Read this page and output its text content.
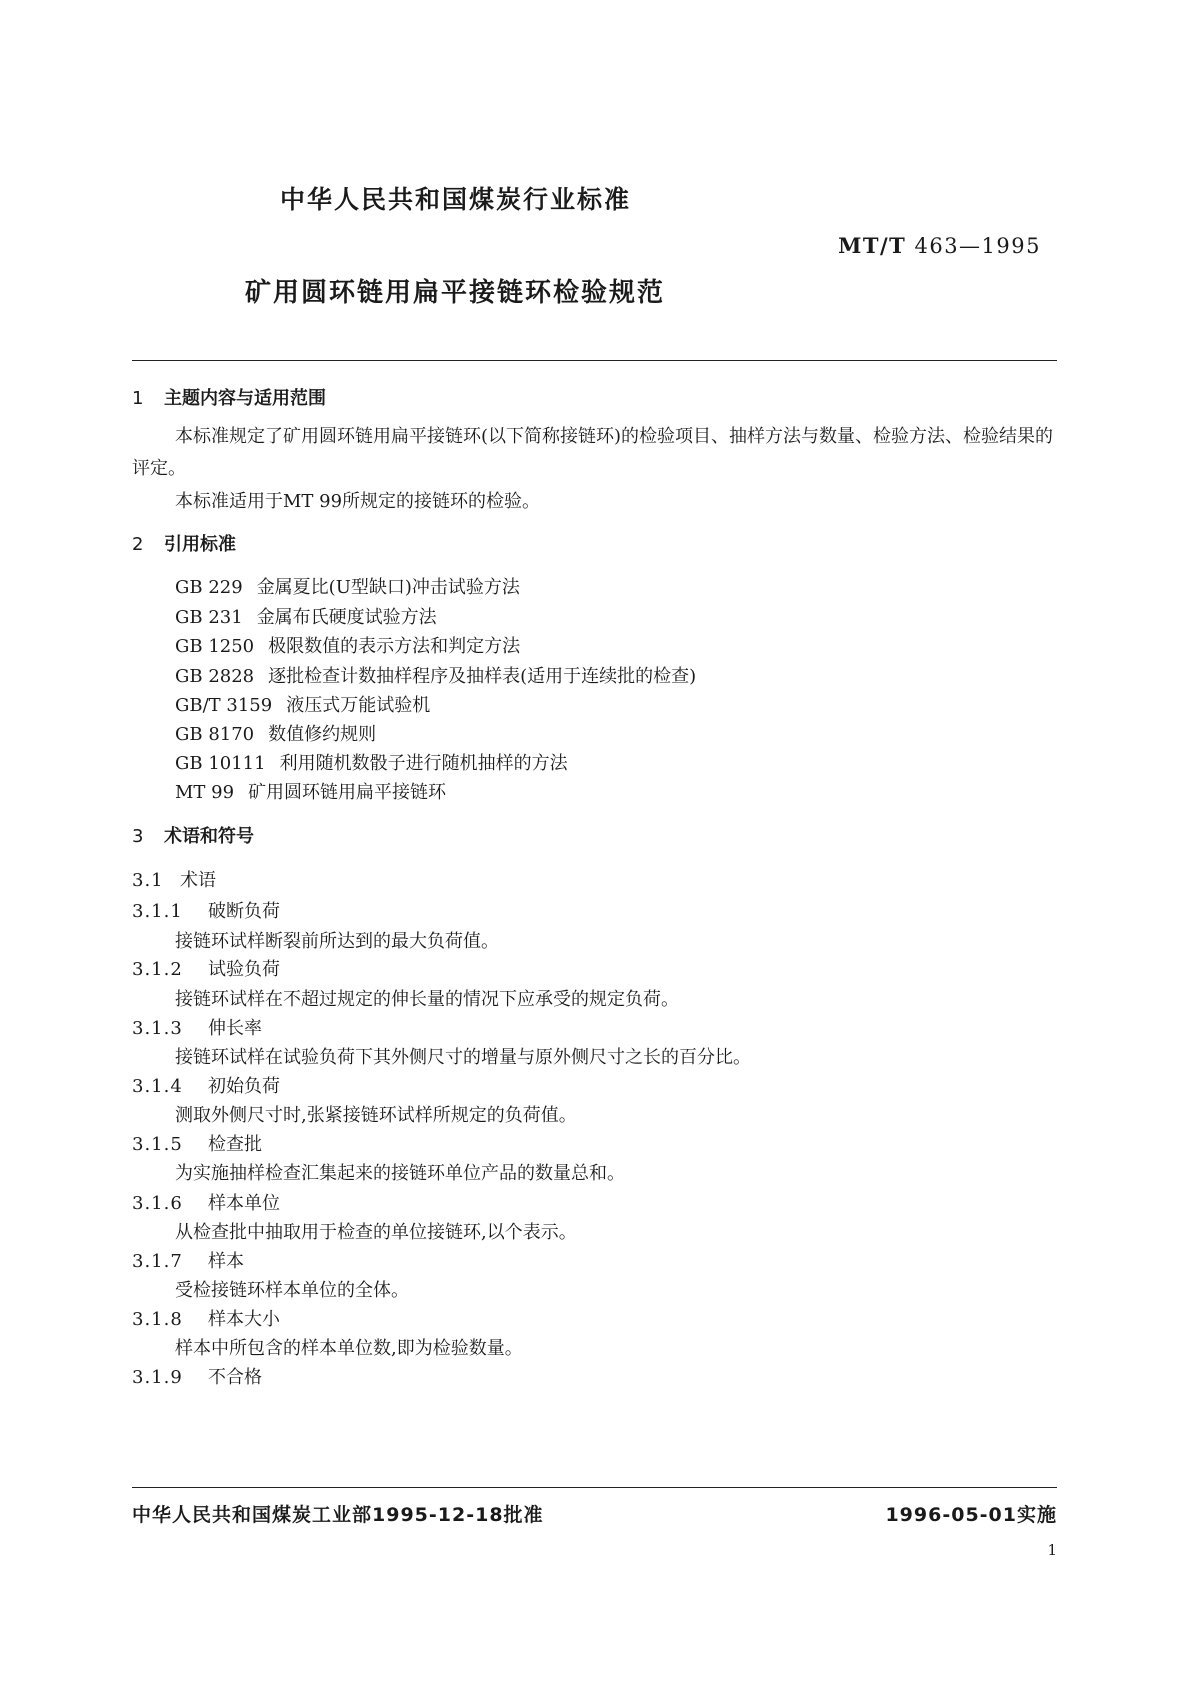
中华人民共和国煤炭行业标准
MT/T 463—1995
矿用圆环链用扁平接链环检验规范
1 主题内容与适用范围
本标准规定了矿用圆环链用扁平接链环(以下简称接链环)的检验项目、抽样方法与数量、检验方法、检验结果的评定。
本标准适用于MT 99所规定的接链环的检验。
2 引用标准
GB 229 金属夏比(U型缺口)冲击试验方法
GB 231 金属布氏硬度试验方法
GB 1250 极限数值的表示方法和判定方法
GB 2828 逐批检查计数抽样程序及抽样表(适用于连续批的检查)
GB/T 3159 液压式万能试验机
GB 8170 数值修约规则
GB 10111 利用随机数骰子进行随机抽样的方法
MT 99 矿用圆环链用扁平接链环
3 术语和符号
3.1 术语
3.1.1 破断负荷
接链环试样断裂前所达到的最大负荷值。
3.1.2 试验负荷
接链环试样在不超过规定的伸长量的情况下应承受的规定负荷。
3.1.3 伸长率
接链环试样在试验负荷下其外侧尺寸的增量与原外侧尺寸之长的百分比。
3.1.4 初始负荷
测取外侧尺寸时,张紧接链环试样所规定的负荷值。
3.1.5 检查批
为实施抽样检查汇集起来的接链环单位产品的数量总和。
3.1.6 样本单位
从检查批中抽取用于检查的单位接链环,以个表示。
3.1.7 样本
受检接链环样本单位的全体。
3.1.8 样本大小
样本中所包含的样本单位数,即为检验数量。
3.1.9 不合格
中华人民共和国煤炭工业部1995-12-18批准	1996-05-01实施
1
